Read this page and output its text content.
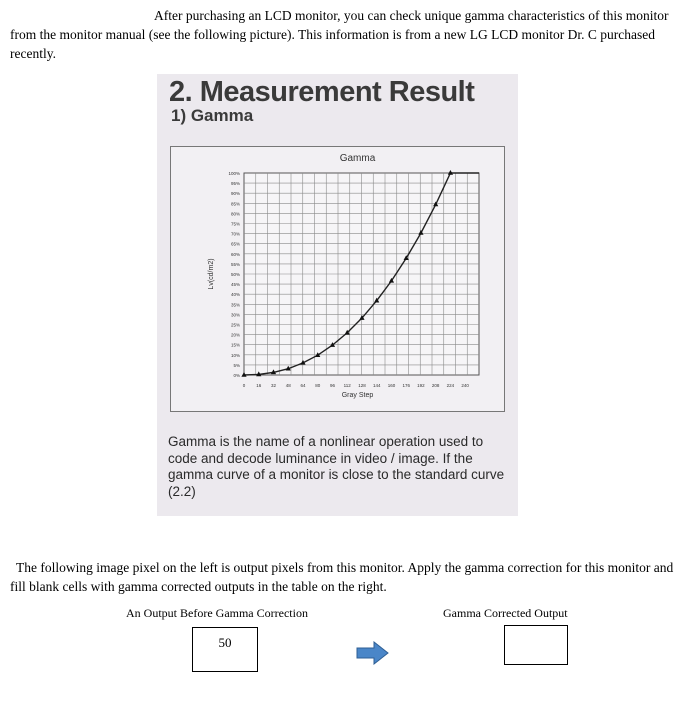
After purchasing an LCD monitor, you can check unique gamma characteristics of this monitor from the monitor manual (see the following picture). This information is from a new LG LCD monitor Dr. C purchased recently.
2. Measurement Result
1) Gamma
0%
5%
10%
15%
20%
25%
30%
35%
40%
45%
50%
55%
60%
65%
70%
75%
80%
85%
90%
95%
100%
0 16 32 48 64 80 96 112 128 144 160 176 192 208 224 240
Gamma
Gray Step
Lv(cd/m2)
Gamma is the name of a nonlinear operation used to code and decode luminance in video / image. If the gamma curve of a monitor is close to the standard curve (2.2)
The following image pixel on the left is output pixels from this monitor. Apply the gamma correction for this monitor and fill blank cells with gamma corrected outputs in the table on the right.
An Output Before Gamma Correction	Gamma Corrected Output
50
